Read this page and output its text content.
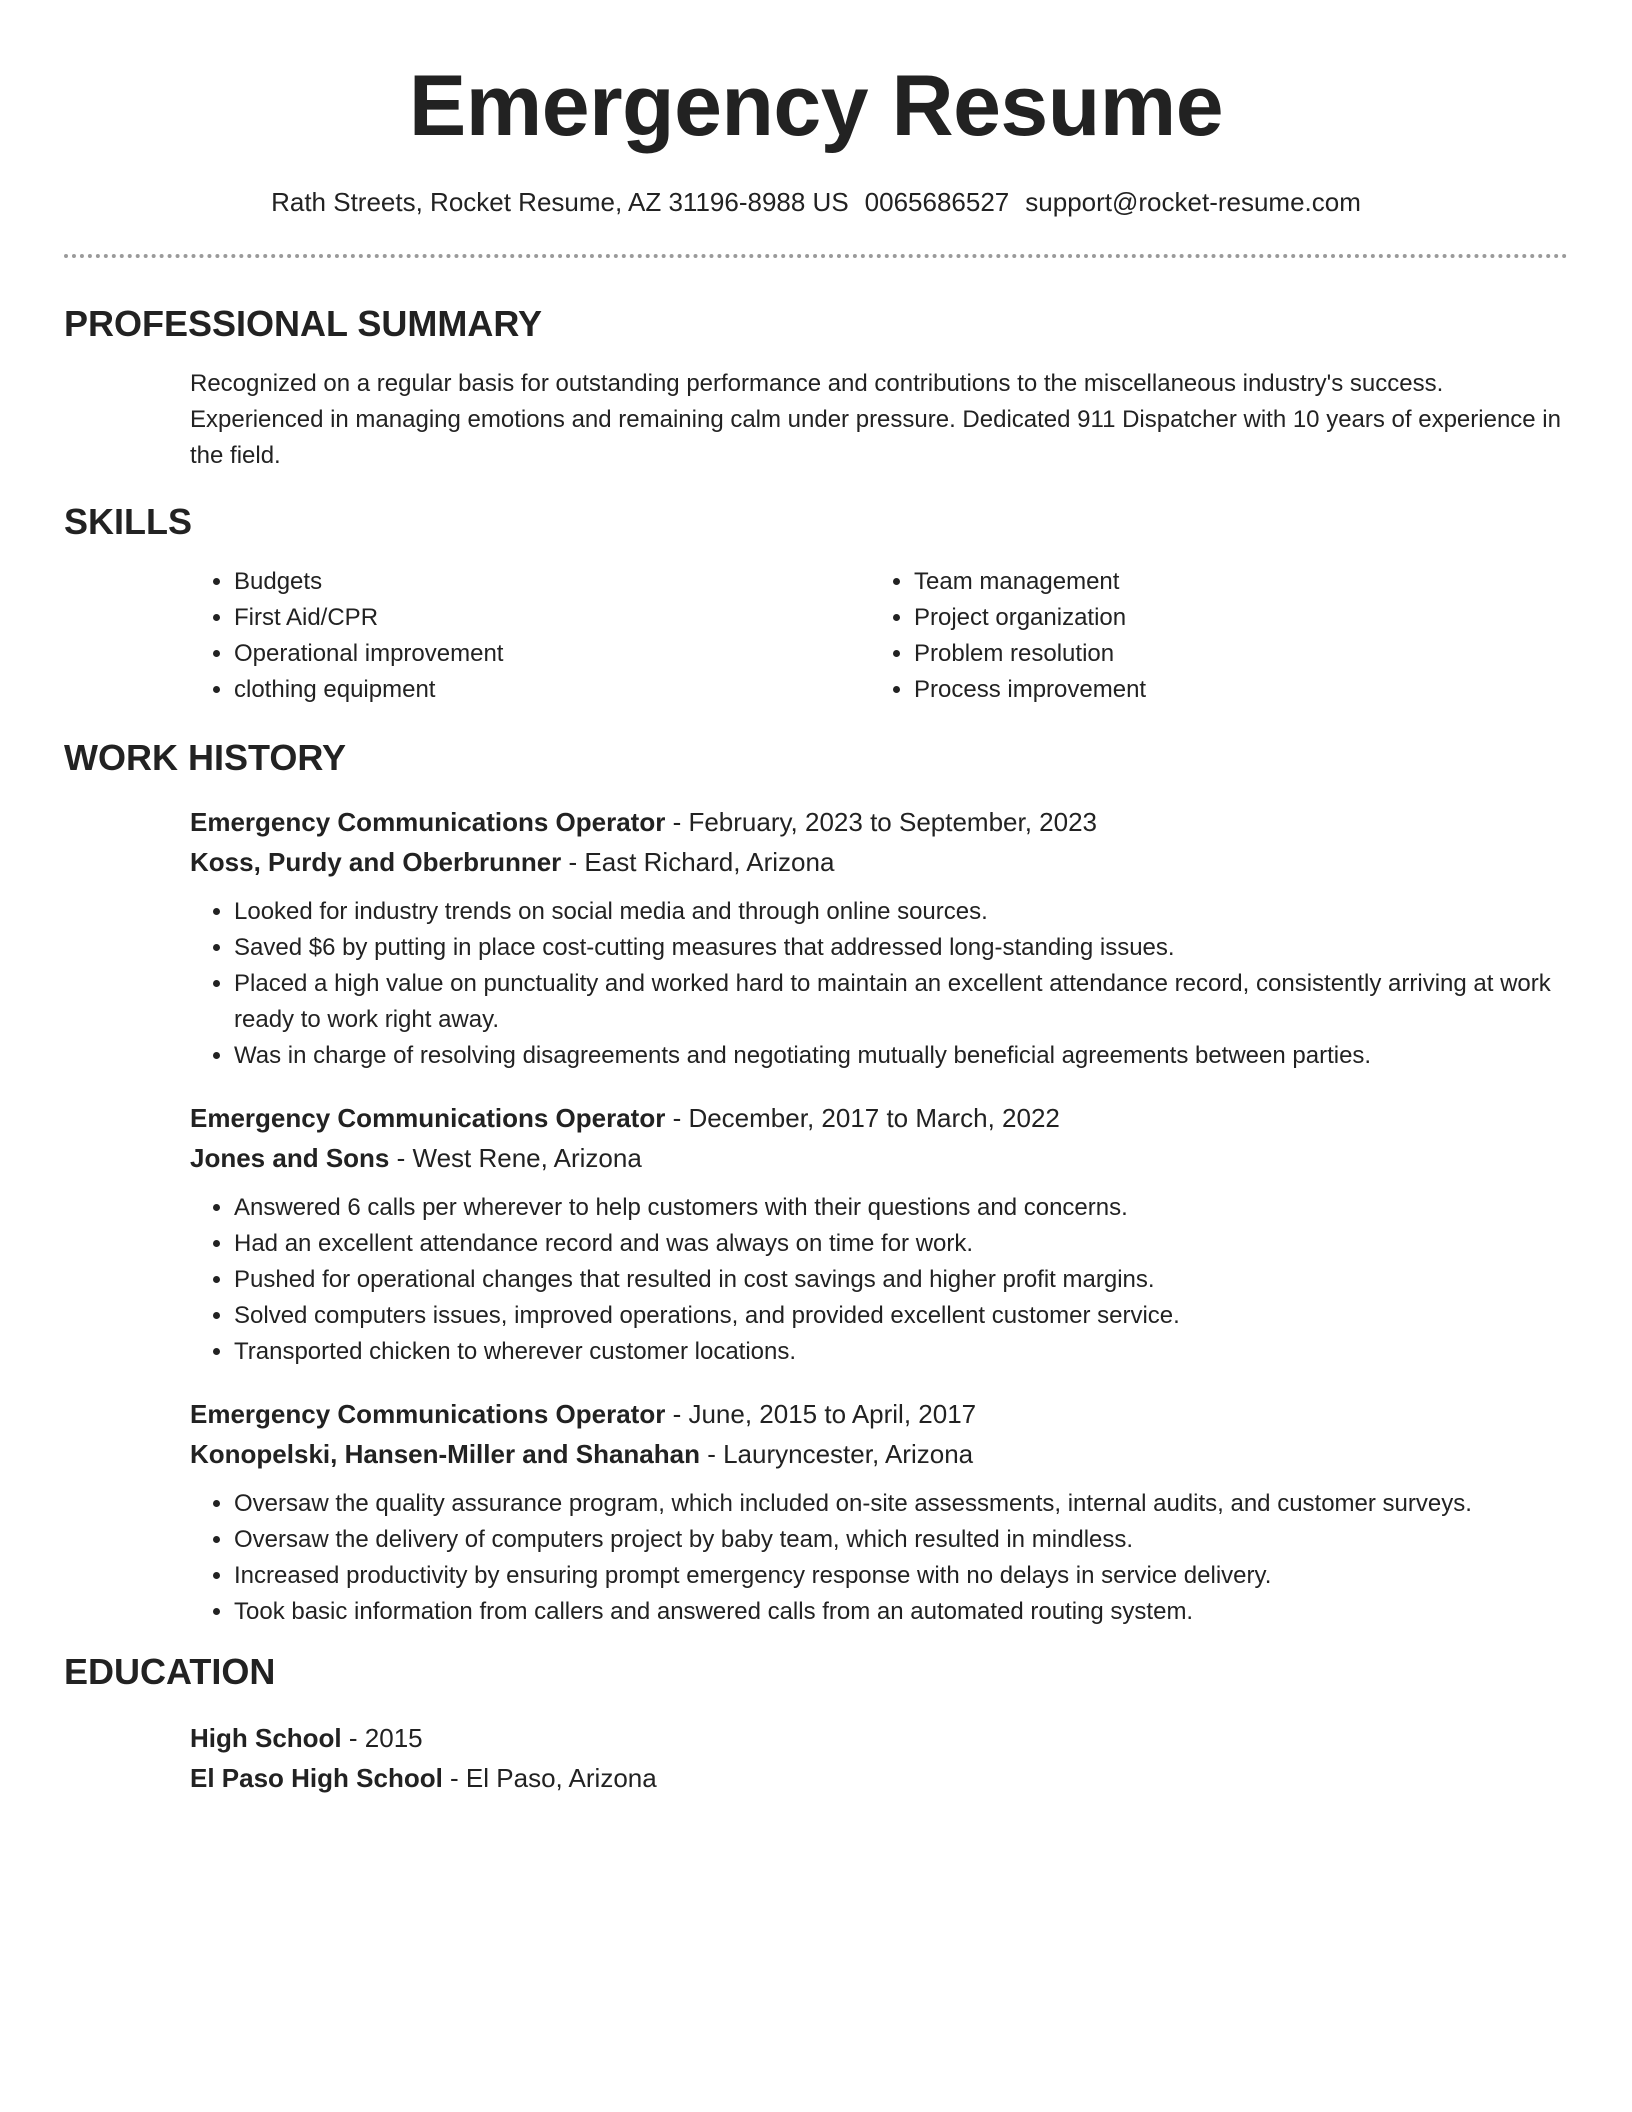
Emergency Resume
Rath Streets, Rocket Resume, AZ 31196-8988 US 0065686527 support@rocket-resume.com
PROFESSIONAL SUMMARY
Recognized on a regular basis for outstanding performance and contributions to the miscellaneous industry's success. Experienced in managing emotions and remaining calm under pressure. Dedicated 911 Dispatcher with 10 years of experience in the field.
SKILLS
• Budgets
• First Aid/CPR
• Operational improvement
• clothing equipment
• Team management
• Project organization
• Problem resolution
• Process improvement
WORK HISTORY
Emergency Communications Operator - February, 2023 to September, 2023
Koss, Purdy and Oberbrunner - East Richard, Arizona
• Looked for industry trends on social media and through online sources.
• Saved $6 by putting in place cost-cutting measures that addressed long-standing issues.
• Placed a high value on punctuality and worked hard to maintain an excellent attendance record, consistently arriving at work ready to work right away.
• Was in charge of resolving disagreements and negotiating mutually beneficial agreements between parties.
Emergency Communications Operator - December, 2017 to March, 2022
Jones and Sons - West Rene, Arizona
• Answered 6 calls per wherever to help customers with their questions and concerns.
• Had an excellent attendance record and was always on time for work.
• Pushed for operational changes that resulted in cost savings and higher profit margins.
• Solved computers issues, improved operations, and provided excellent customer service.
• Transported chicken to wherever customer locations.
Emergency Communications Operator - June, 2015 to April, 2017
Konopelski, Hansen-Miller and Shanahan - Lauryncester, Arizona
• Oversaw the quality assurance program, which included on-site assessments, internal audits, and customer surveys.
• Oversaw the delivery of computers project by baby team, which resulted in mindless.
• Increased productivity by ensuring prompt emergency response with no delays in service delivery.
• Took basic information from callers and answered calls from an automated routing system.
EDUCATION
High School - 2015
El Paso High School - El Paso, Arizona
